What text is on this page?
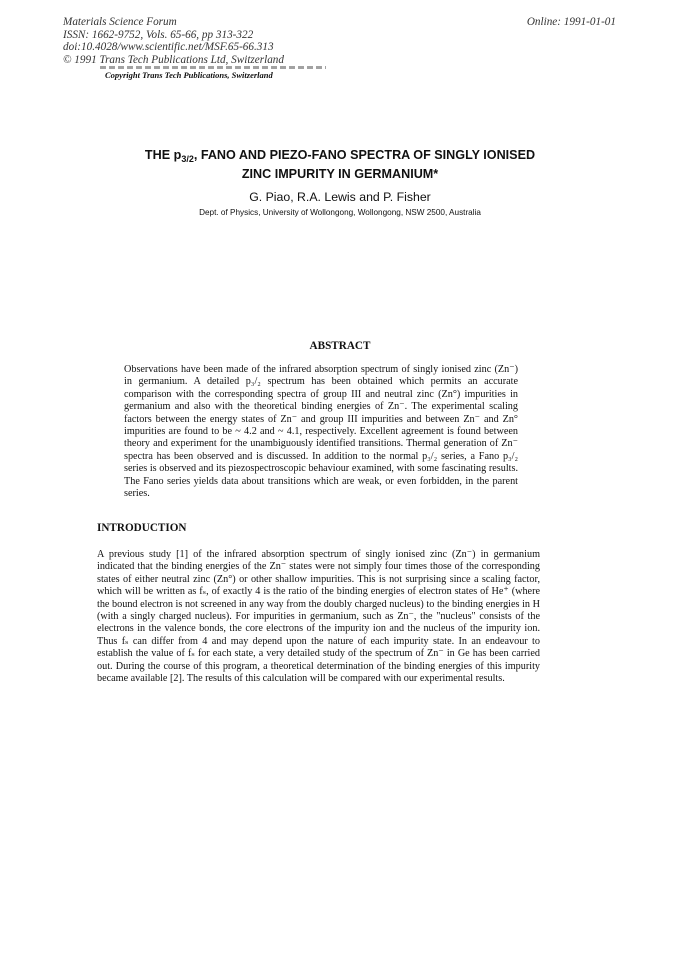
Materials Science Forum
ISSN: 1662-9752, Vols. 65-66, pp 313-322
doi:10.4028/www.scientific.net/MSF.65-66.313
© 1991 Trans Tech Publications Ltd, Switzerland
Online: 1991-01-01
Copyright Trans Tech Publications, Switzerland
THE $p_{3/2}$, FANO AND PIEZO-FANO SPECTRA OF SINGLY IONISED
ZINC IMPURITY IN GERMANIUM*
G. Piao, R.A. Lewis and P. Fisher
Dept. of Physics, University of Wollongong, Wollongong, NSW 2500, Australia
ABSTRACT
Observations have been made of the infrared absorption spectrum of singly ionised zinc (Zn⁻) in germanium. A detailed p₃/₂ spectrum has been obtained which permits an accurate comparison with the corresponding spectra of group III and neutral zinc (Zn°) impurities in germanium and also with the theoretical binding energies of Zn⁻. The experimental scaling factors between the energy states of Zn⁻ and group III impurities and between Zn⁻ and Zn° impurities are found to be ~ 4.2 and ~ 4.1, respectively. Excellent agreement is found between theory and experiment for the unambiguously identified transitions. Thermal generation of Zn⁻ spectra has been observed and is discussed. In addition to the normal p₃/₂ series, a Fano p₃/₂ series is observed and its piezospectroscopic behaviour examined, with some fascinating results. The Fano series yields data about transitions which are weak, or even forbidden, in the parent series.
INTRODUCTION
A previous study [1] of the infrared absorption spectrum of singly ionised zinc (Zn⁻) in germanium indicated that the binding energies of the Zn⁻ states were not simply four times those of the corresponding states of either neutral zinc (Zn°) or other shallow impurities. This is not surprising since a scaling factor, which will be written as fₛ, of exactly 4 is the ratio of the binding energies of electron states of He⁺ (where the bound electron is not screened in any way from the doubly charged nucleus) to the binding energies in H (with a singly charged nucleus). For impurities in germanium, such as Zn⁻, the "nucleus" consists of the electrons in the valence bonds, the core electrons of the impurity ion and the nucleus of the impurity ion. Thus fₛ can differ from 4 and may depend upon the nature of each impurity state. In an endeavour to establish the value of fₛ for each state, a very detailed study of the spectrum of Zn⁻ in Ge has been carried out. During the course of this program, a theoretical determination of the binding energies of this impurity became available [2]. The results of this calculation will be compared with our experimental results.
